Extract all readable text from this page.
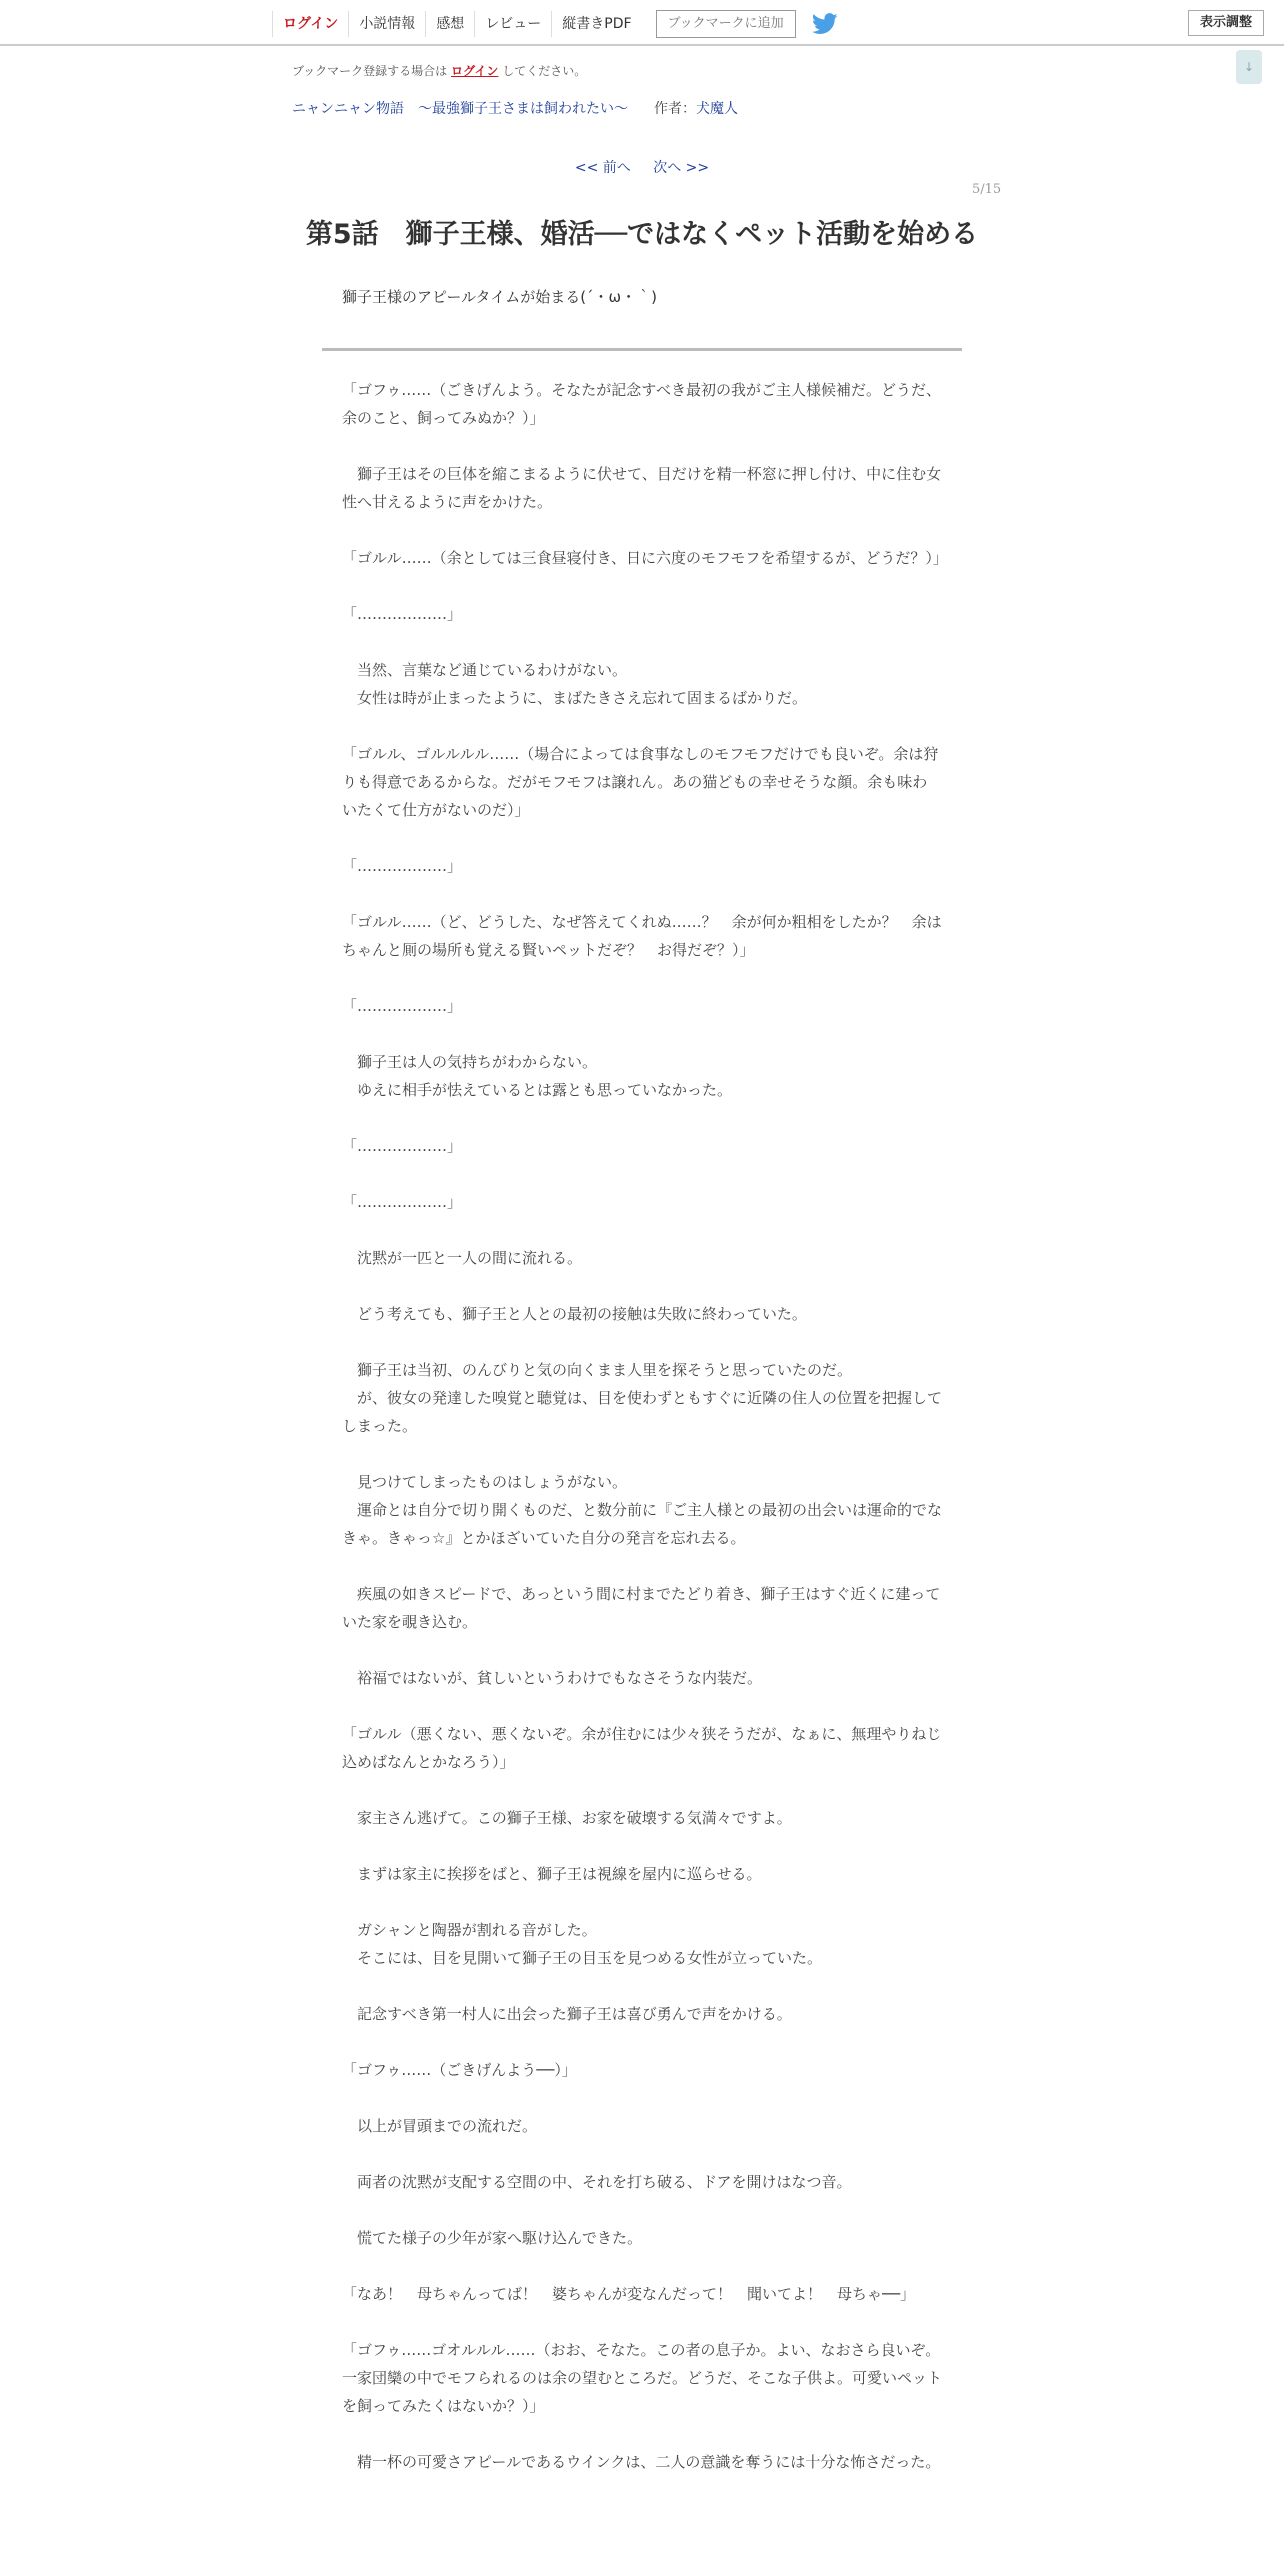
ログイン	小説情報	感想	レビュー	縦書きPDF	ブックマークに追加	表示調整
↓
ブックマーク登録する場合は ログイン してください。
ニャンニャン物語　～最強獅子王さまは飼われたい～ 作者：犬魔人
<< 前へ 次へ >>
5/15
第5話　獅子王様、婚活──ではなくペット活動を始める
獅子王様のアピールタイムが始まる(´・ω・｀)

「ゴフゥ……（ごきげんよう。そなたが記念すべき最初の我がご主人様候補だ。どうだ、余のこと、飼ってみぬか？）」

　獅子王はその巨体を縮こまるように伏せて、目だけを精一杯窓に押し付け、中に住む女性へ甘えるように声をかけた。

「ゴルル……（余としては三食昼寝付き、日に六度のモフモフを希望するが、どうだ？）」

「………………」

　当然、言葉など通じているわけがない。

　女性は時が止まったように、まばたきさえ忘れて固まるばかりだ。

「ゴルル、ゴルルルル……（場合によっては食事なしのモフモフだけでも良いぞ。余は狩りも得意であるからな。だがモフモフは譲れん。あの猫どもの幸せそうな顔。余も味わいたくて仕方がないのだ）」

「………………」

「ゴルル……（ど、どうした、なぜ答えてくれぬ……？　余が何か粗相をしたか？　余はちゃんと厠の場所も覚える賢いペットだぞ？　お得だぞ？）」

「………………」

　獅子王は人の気持ちがわからない。

　ゆえに相手が怯えているとは露とも思っていなかった。

「………………」

「………………」

　沈黙が一匹と一人の間に流れる。

　どう考えても、獅子王と人との最初の接触は失敗に終わっていた。

　獅子王は当初、のんびりと気の向くまま人里を探そうと思っていたのだ。

　が、彼女の発達した嗅覚と聴覚は、目を使わずともすぐに近隣の住人の位置を把握してしまった。

　見つけてしまったものはしょうがない。

　運命とは自分で切り開くものだ、と数分前に『ご主人様との最初の出会いは運命的でなきゃ。きゃっ☆』とかほざいていた自分の発言を忘れ去る。

　疾風の如きスピードで、あっという間に村までたどり着き、獅子王はすぐ近くに建っていた家を覗き込む。

　裕福ではないが、貧しいというわけでもなさそうな内装だ。

「ゴルル（悪くない、悪くないぞ。余が住むには少々狭そうだが、なぁに、無理やりねじ込めばなんとかなろう）」

　家主さん逃げて。この獅子王様、お家を破壊する気満々ですよ。

　まずは家主に挨拶をばと、獅子王は視線を屋内に巡らせる。

　ガシャンと陶器が割れる音がした。

　そこには、目を見開いて獅子王の目玉を見つめる女性が立っていた。

　記念すべき第一村人に出会った獅子王は喜び勇んで声をかける。

「ゴフゥ……（ごきげんよう──）」

　以上が冒頭までの流れだ。

　両者の沈黙が支配する空間の中、それを打ち破る、ドアを開けはなつ音。

　慌てた様子の少年が家へ駆け込んできた。

「なあ！　母ちゃんってば！　婆ちゃんが変なんだって！　聞いてよ！　母ちゃ──」

「ゴフゥ……ゴオルルル……（おお、そなた。この者の息子か。よい、なおさら良いぞ。一家団欒の中でモフられるのは余の望むところだ。どうだ、そこな子供よ。可愛いペットを飼ってみたくはないか？）」

　精一杯の可愛さアピールであるウインクは、二人の意識を奪うには十分な怖さだった。
